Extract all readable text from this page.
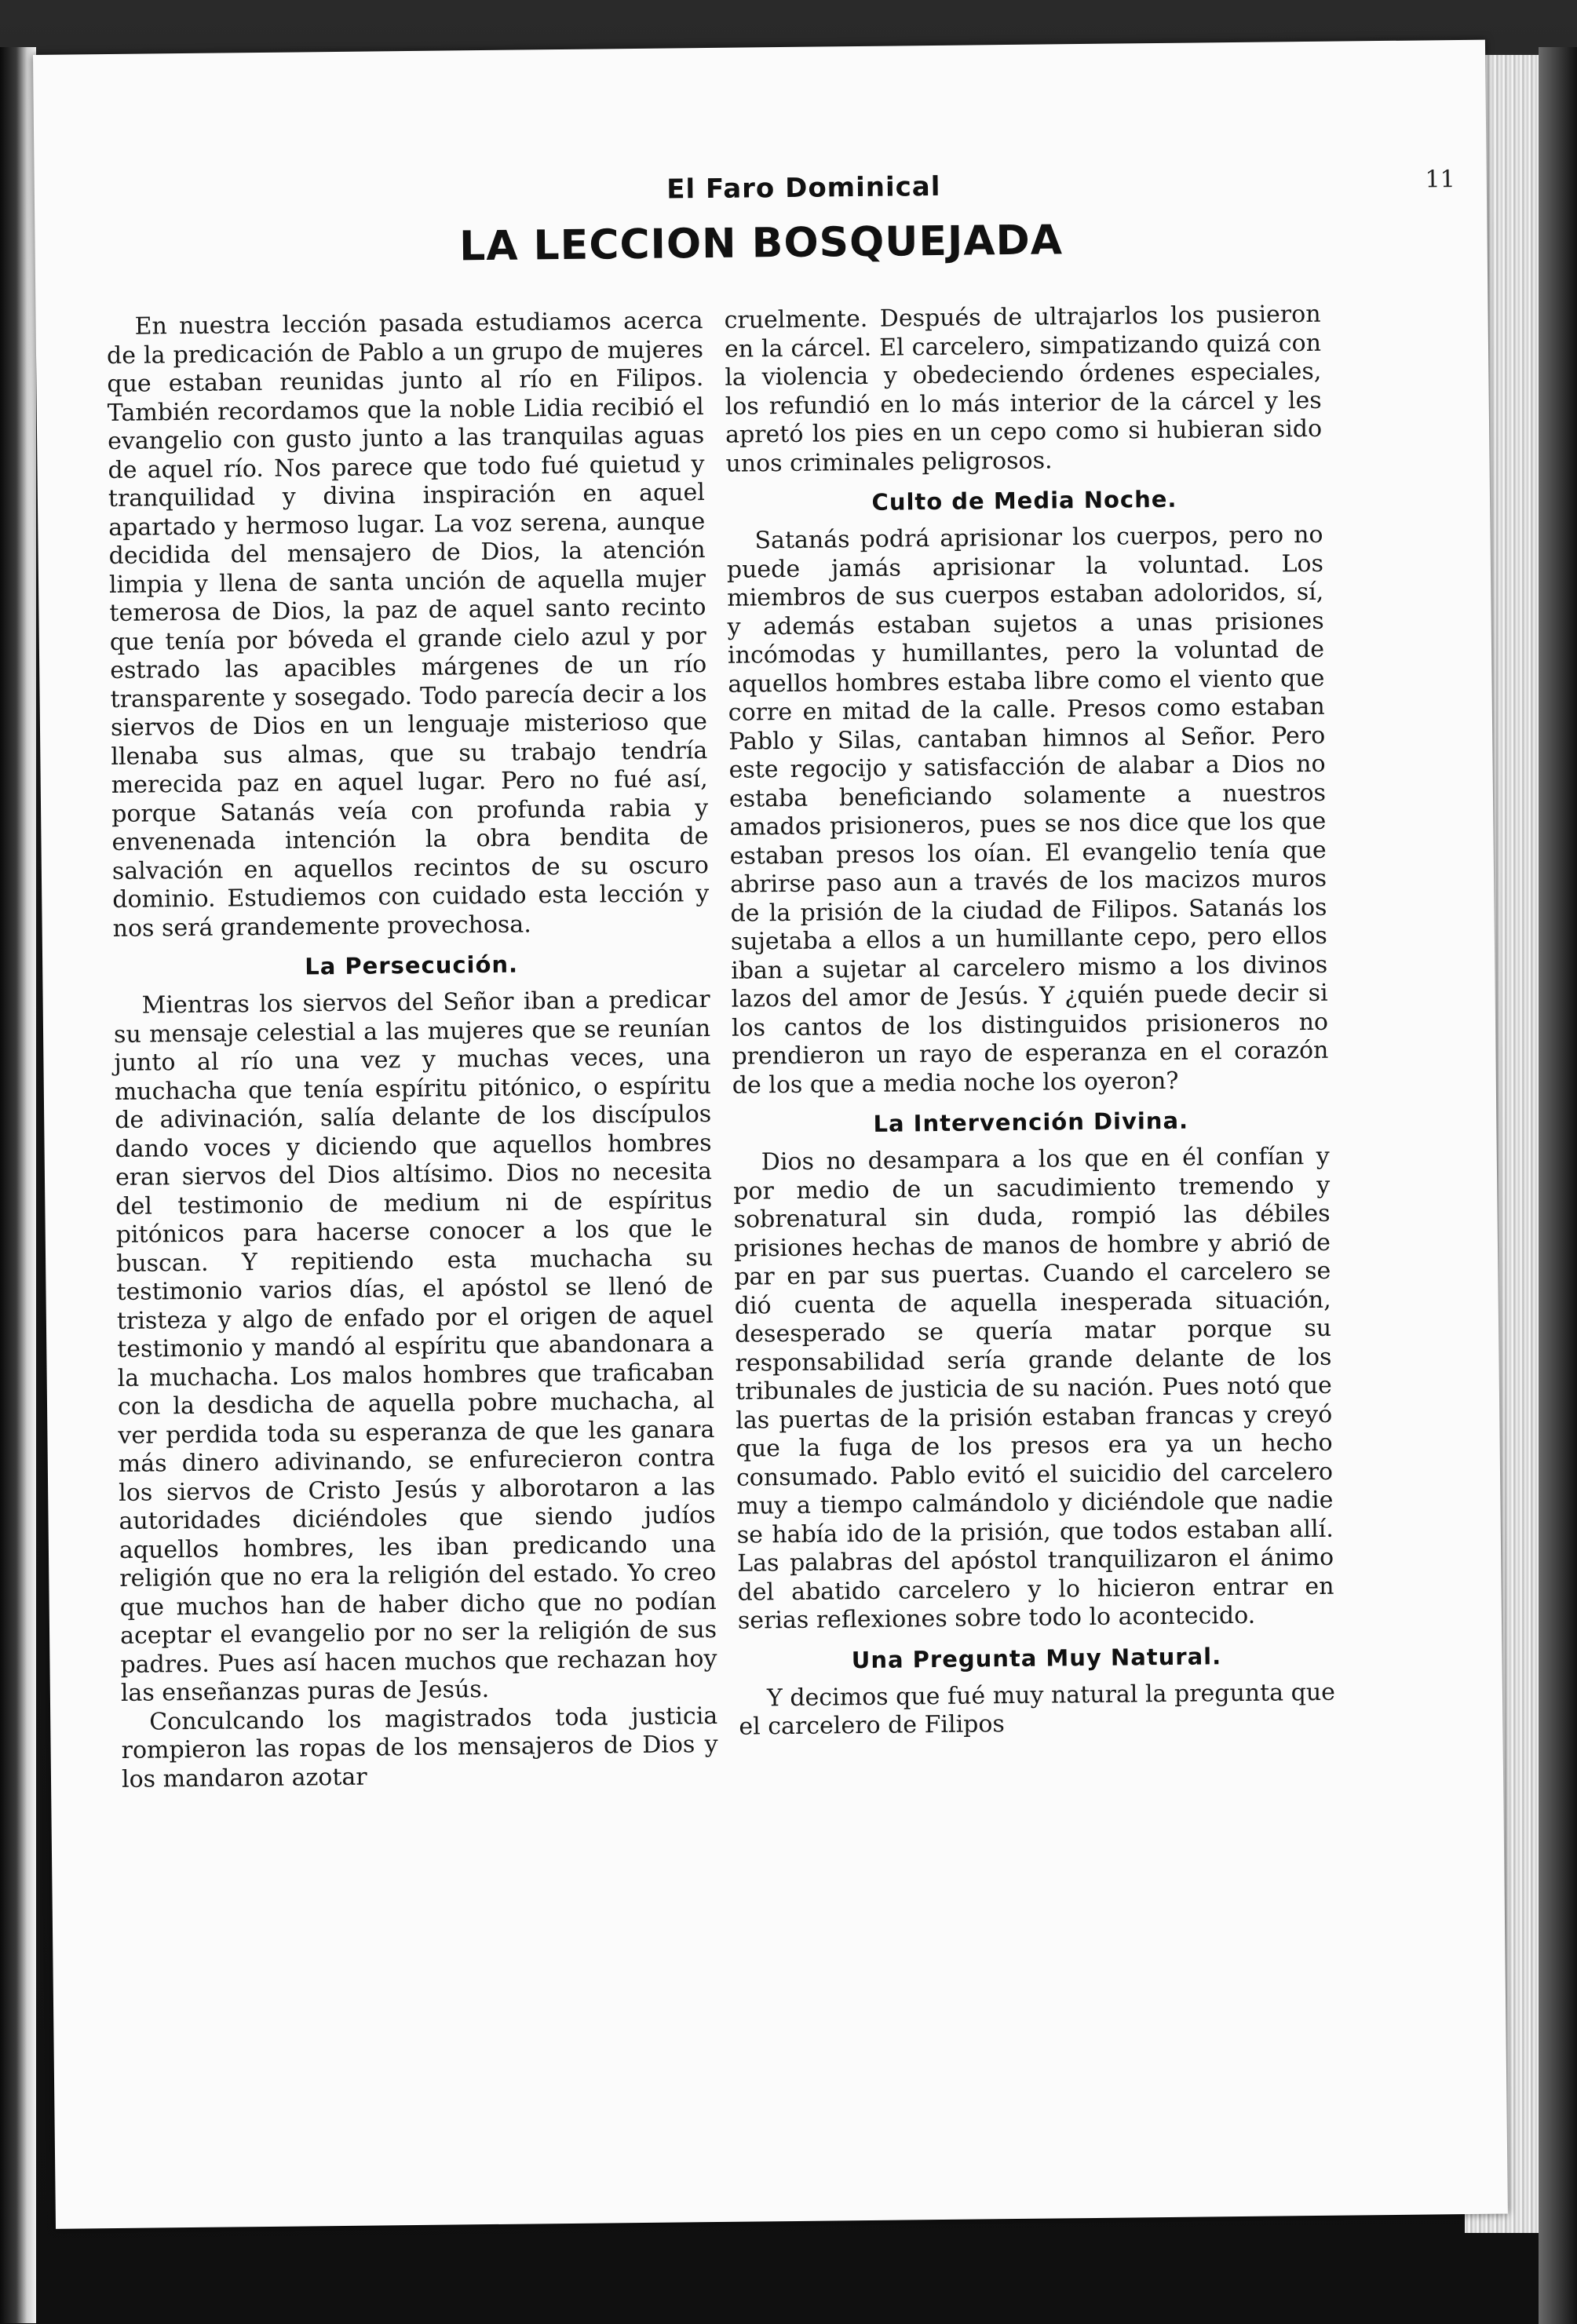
El Faro Dominical	11
LA LECCION BOSQUEJADA

En nuestra lección pasada estudiamos acerca de la predicación de Pablo a un grupo de mujeres que estaban reunidas junto al río en Filipos. También recordamos que la noble Lidia recibió el evangelio con gusto junto a las tranquilas aguas de aquel río. Nos parece que todo fué quietud y tranquilidad y divina inspiración en aquel apartado y hermoso lugar. La voz serena, aunque decidida del mensajero de Dios, la atención limpia y llena de santa unción de aquella mujer temerosa de Dios, la paz de aquel santo recinto que tenía por bóveda el grande cielo azul y por estrado las apacibles márgenes de un río transparente y sosegado. Todo parecía decir a los siervos de Dios en un lenguaje misterioso que llenaba sus almas, que su trabajo tendría merecida paz en aquel lugar. Pero no fué así, porque Satanás veía con profunda rabia y envenenada intención la obra bendita de salvación en aquellos recintos de su oscuro dominio. Estudiemos con cuidado esta lección y nos será grandemente provechosa.

La Persecución.

Mientras los siervos del Señor iban a predicar su mensaje celestial a las mujeres que se reunían junto al río una vez y muchas veces, una muchacha que tenía espíritu pitónico, o espíritu de adivinación, salía delante de los discípulos dando voces y diciendo que aquellos hombres eran siervos del Dios altísimo. Dios no necesita del testimonio de medium ni de espíritus pitónicos para hacerse conocer a los que le buscan. Y repitiendo esta muchacha su testimonio varios días, el apóstol se llenó de tristeza y algo de enfado por el origen de aquel testimonio y mandó al espíritu que abandonara a la muchacha. Los malos hombres que traficaban con la desdicha de aquella pobre muchacha, al ver perdida toda su esperanza de que les ganara más dinero adivinando, se enfurecieron contra los siervos de Cristo Jesús y alborotaron a las autoridades diciéndoles que siendo judíos aquellos hombres, les iban predicando una religión que no era la religión del estado. Yo creo que muchos han de haber dicho que no podían aceptar el evangelio por no ser la religión de sus padres. Pues así hacen muchos que rechazan hoy las enseñanzas puras de Jesús.

Conculcando los magistrados toda justicia rompieron las ropas de los mensajeros de Dios y los mandaron azotar

cruelmente. Después de ultrajarlos los pusieron en la cárcel. El carcelero, simpatizando quizá con la violencia y obedeciendo órdenes especiales, los refundió en lo más interior de la cárcel y les apretó los pies en un cepo como si hubieran sido unos criminales peligrosos.

Culto de Media Noche.

Satanás podrá aprisionar los cuerpos, pero no puede jamás aprisionar la voluntad. Los miembros de sus cuerpos estaban adoloridos, sí, y además estaban sujetos a unas prisiones incómodas y humillantes, pero la voluntad de aquellos hombres estaba libre como el viento que corre en mitad de la calle. Presos como estaban Pablo y Silas, cantaban himnos al Señor. Pero este regocijo y satisfacción de alabar a Dios no estaba beneficiando solamente a nuestros amados prisioneros, pues se nos dice que los que estaban presos los oían. El evangelio tenía que abrirse paso aun a través de los macizos muros de la prisión de la ciudad de Filipos. Satanás los sujetaba a ellos a un humillante cepo, pero ellos iban a sujetar al carcelero mismo a los divinos lazos del amor de Jesús. Y ¿quién puede decir si los cantos de los distinguidos prisioneros no prendieron un rayo de esperanza en el corazón de los que a media noche los oyeron?

La Intervención Divina.

Dios no desampara a los que en él confían y por medio de un sacudimiento tremendo y sobrenatural sin duda, rompió las débiles prisiones hechas de manos de hombre y abrió de par en par sus puertas. Cuando el carcelero se dió cuenta de aquella inesperada situación, desesperado se quería matar porque su responsabilidad sería grande delante de los tribunales de justicia de su nación. Pues notó que las puertas de la prisión estaban francas y creyó que la fuga de los presos era ya un hecho consumado. Pablo evitó el suicidio del carcelero muy a tiempo calmándolo y diciéndole que nadie se había ido de la prisión, que todos estaban allí. Las palabras del apóstol tranquilizaron el ánimo del abatido carcelero y lo hicieron entrar en serias reflexiones sobre todo lo acontecido.

Una Pregunta Muy Natural.

Y decimos que fué muy natural la pregunta que el carcelero de Filipos
